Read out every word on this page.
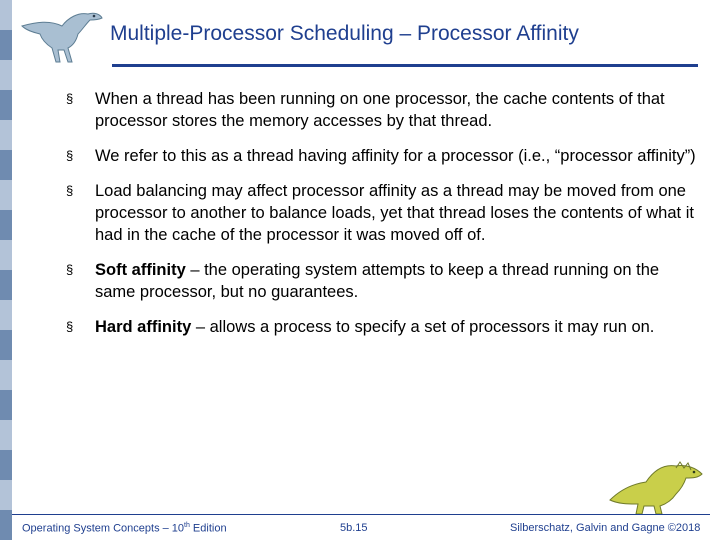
Multiple-Processor Scheduling – Processor Affinity
§ When a thread has been running on one processor, the cache contents of that processor stores the memory accesses by that thread.
§ We refer to this as a thread having affinity for a processor (i.e., “processor affinity”)
§ Load balancing may affect processor affinity as a thread may be moved from one processor to another to balance loads, yet that thread loses the contents of what it had in the cache of the processor it was moved off of.
§ Soft affinity – the operating system attempts to keep a thread running on the same processor, but no guarantees.
§ Hard affinity – allows a process to specify a set of processors it may run on.
Operating System Concepts – 10th Edition	5b.15	Silberschatz, Galvin and Gagne ©2018
